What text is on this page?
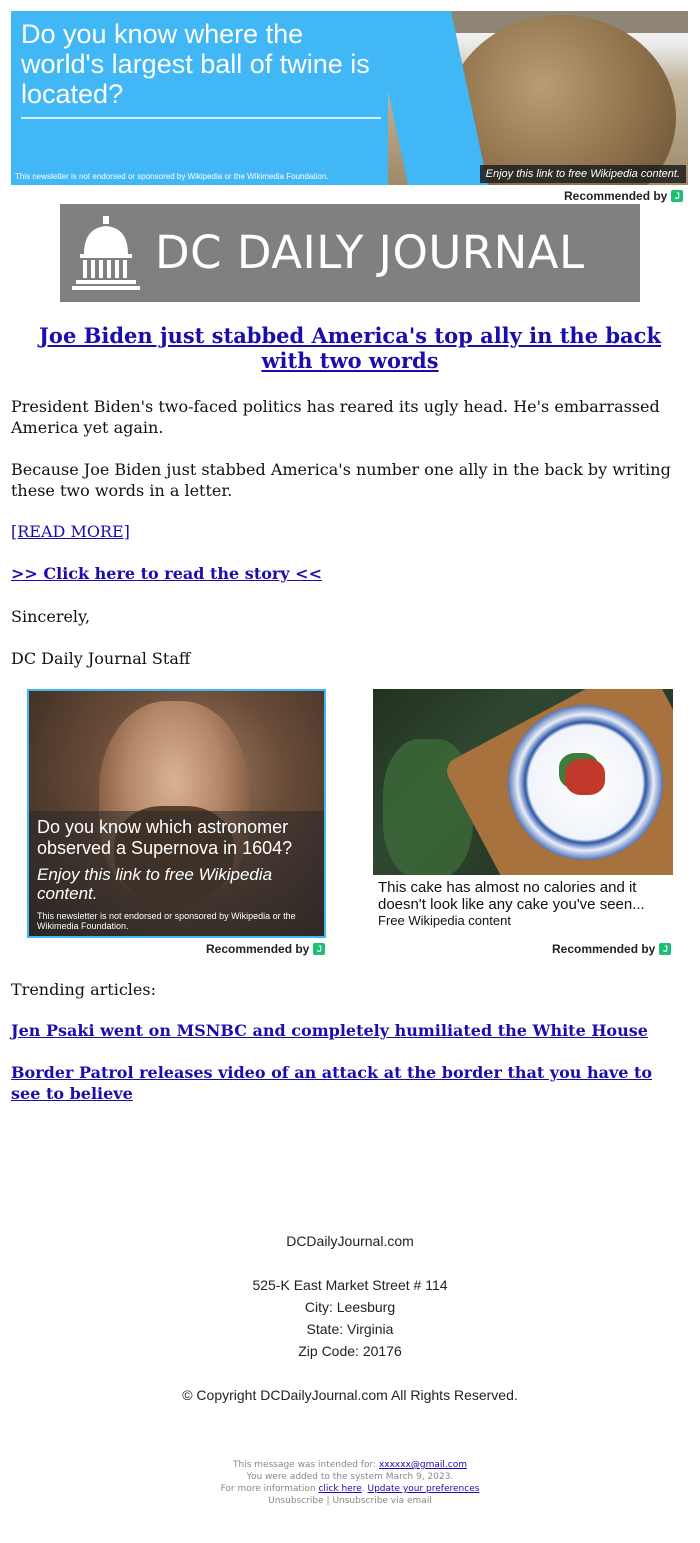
Do you know where the world's largest ball of twine is located?
This newsletter is not endorsed or sponsored by Wikipedia or the Wikimedia Foundation.	Enjoy this link to free Wikipedia content.
Recommended by J
DC DAILY JOURNAL
Joe Biden just stabbed America's top ally in the back with two words
President Biden's two-faced politics has reared its ugly head. He's embarrassed America yet again.
Because Joe Biden just stabbed America's number one ally in the back by writing these two words in a letter.
[READ MORE]
>> Click here to read the story <<
Sincerely,
DC Daily Journal Staff
Do you know which astronomer observed a Supernova in 1604?
Enjoy this link to free Wikipedia content.
This newsletter is not endorsed or sponsored by Wikipedia or the Wikimedia Foundation.
Recommended by J
This cake has almost no calories and it doesn't look like any cake you've seen...
Free Wikipedia content
Recommended by J
Trending articles:
Jen Psaki went on MSNBC and completely humiliated the White House
Border Patrol releases video of an attack at the border that you have to see to believe
DCDailyJournal.com
525-K East Market Street # 114
City: Leesburg
State: Virginia
Zip Code: 20176
© Copyright DCDailyJournal.com All Rights Reserved.
This message was intended for: xxxxxx@gmail.com
You were added to the system March 9, 2023.
For more information click here. Update your preferences
Unsubscribe | Unsubscribe via email
